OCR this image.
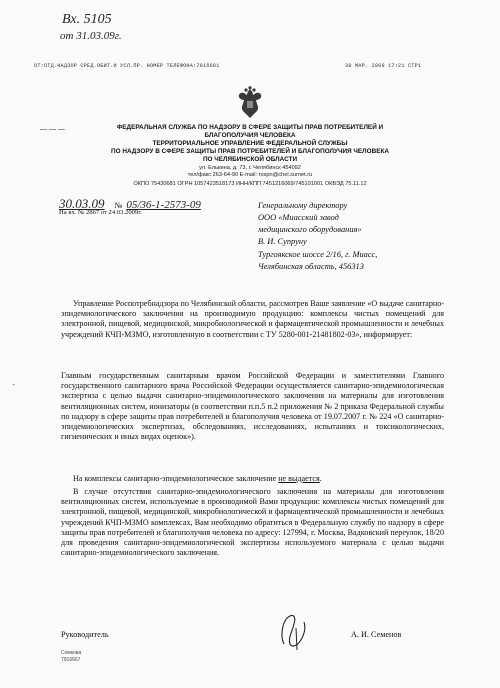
Вх. 5105
от 31.03.09г.
ОТ:ОТД.НАДЗОР СРЕД.ОБИТ.И УСЛ.ПР. НОМЕР ТЕЛЕФОНА:7916681	30 МАР. 2009 17:21 СТР1
— — —	ФЕДЕРАЛЬНАЯ СЛУЖБА ПО НАДЗОРУ В СФЕРЕ ЗАЩИТЫ ПРАВ ПОТРЕБИТЕЛЕЙ И
БЛАГОПОЛУЧИЯ ЧЕЛОВЕКА
ТЕРРИТОРИАЛЬНОЕ УПРАВЛЕНИЕ ФЕДЕРАЛЬНОЙ СЛУЖБЫ
ПО НАДЗОРУ В СФЕРЕ ЗАЩИТЫ ПРАВ ПОТРЕБИТЕЛЕЙ И БЛАГОПОЛУЧИЯ ЧЕЛОВЕКА
ПО ЧЕЛЯБИНСКОЙ ОБЛАСТИ
ул. Елькина, д. 73, г. Челябинск 454092
тел/факс 263-64-90 E-mail: rospn@chel.surnet.ru
ОКПО 75430681 ОГРН 1057423518173 ИНН/КПП 7451216069/745101001 ОКВЭД 75.11.12
30.03.09 № 05/36-1-2573-09
На вх. № 2867 от 24.03.2009г.
Генеральному директору
ООО «Миасский завод
медицинского оборудования»
В. И. Супруну
Тургоякское шоссе 2/16, г. Миасс,
Челябинская область, 456313
Управление Роспотребнадзора по Челябинской области, рассмотрев Ваше заявление «О выдаче санитарно-эпидемиологического заключения на производимую продукцию: комплексы чистых помещений для электронной, пищевой, медицинской, микробиологической и фармацевтической промышленности и лечебных учреждений КЧП-МЗМО, изготовленную в соответствии с ТУ 5280-001-21481802-03», информирует:
Главным государственным санитарным врачом Российской Федерации и заместителями Главного государственного санитарного врача Российской Федерации осуществляется санитарно-эпидемиологическая экспертиза с целью выдачи санитарно-эпидемиологического заключения на материалы для изготовления вентиляционных систем, ионизаторы (в соответствии п.п.5 п.2 приложения № 2 приказа Федеральной службы по надзору в сфере защиты прав потребителей и благополучия человека от 19.07.2007 г. № 224 «О санитарно-эпидемиологических экспертизах, обследованиях, исследованиях, испытаниях и токсикологических, гигиенических и иных видах оценок»).
На комплексы санитарно-эпидемиологическое заключение не выдается.
В случае отсутствия санитарно-эпидемиологического заключения на материалы для изготовления вентиляционных систем, используемые в производимой Вами продукции: комплексы чистых помещений для электронной, пищевой, медицинской, микробиологической и фармацевтической промышленности и лечебных учреждений КЧП-МЗМО комплексах, Вам необходимо обратиться в Федеральную службу по надзору в сфере защиты прав потребителей и благополучия человека по адресу: 127994, г. Москва, Вадковский переулок, 18/20 для проведения санитарно-эпидемиологической экспертизы используемого материала с целью выдачи санитарно-эпидемиологического заключения.
·
Руководитель	А. И. Семенов
Сомкова
7916667
